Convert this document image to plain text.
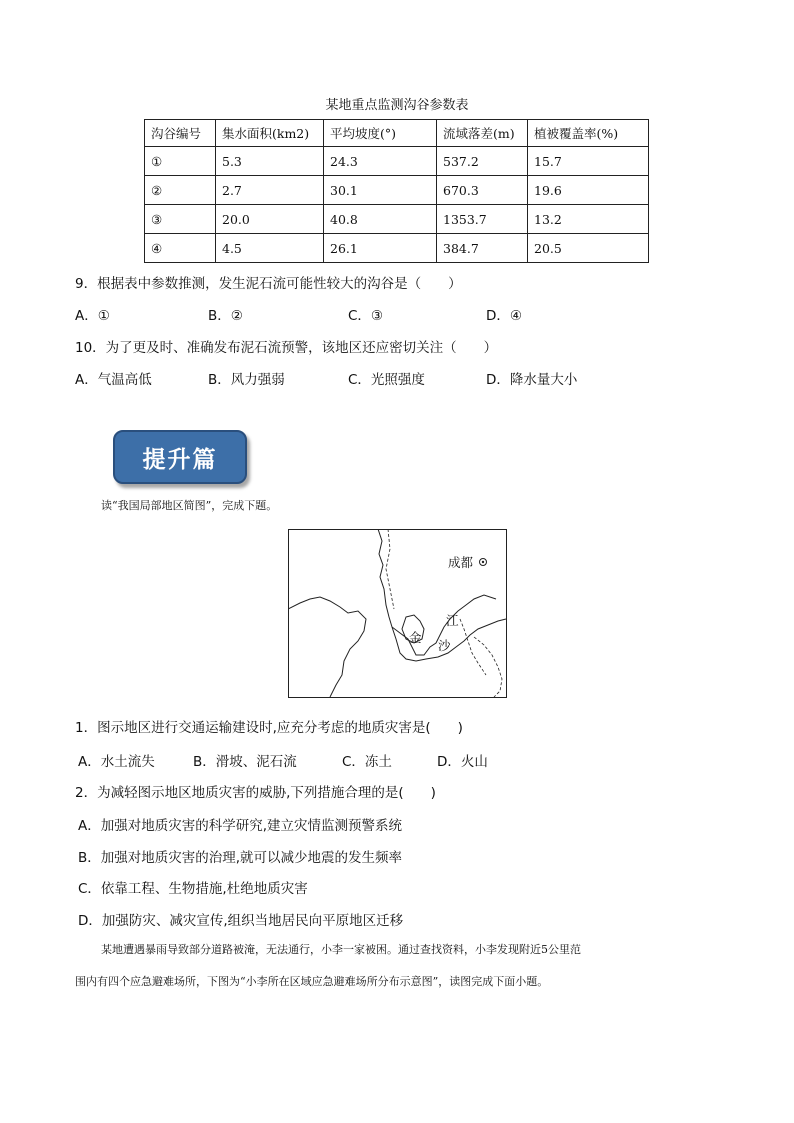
某地重点监测沟谷参数表
沟谷编号	集水面积(km2)	平均坡度(°)	流域落差(m)	植被覆盖率(%)
①	5.3	24.3	537.2	15.7
②	2.7	30.1	670.3	19.6
③	20.0	40.8	1353.7	13.2
④	4.5	26.1	384.7	20.5
9．根据表中参数推测，发生泥石流可能性较大的沟谷是（　　）
A．①	B．②	C．③	D．④
10．为了更及时、准确发布泥石流预警，该地区还应密切关注（　　）
A．气温高低	B．风力强弱	C．光照强度	D．降水量大小
提升篇
读“我国局部地区简图”，完成下题。
成都
金
沙
江
1．图示地区进行交通运输建设时,应充分考虑的地质灾害是(　　)
A．水土流失	B．滑坡、泥石流	C．冻土	D．火山
2．为减轻图示地区地质灾害的威胁,下列措施合理的是(　　)
A．加强对地质灾害的科学研究,建立灾情监测预警系统
B．加强对地质灾害的治理,就可以减少地震的发生频率
C．依靠工程、生物措施,杜绝地质灾害
D．加强防灾、减灾宣传,组织当地居民向平原地区迁移
某地遭遇暴雨导致部分道路被淹，无法通行，小李一家被困。通过查找资料，小李发现附近5公里范
围内有四个应急避难场所，下图为“小李所在区域应急避难场所分布示意图”，读图完成下面小题。
